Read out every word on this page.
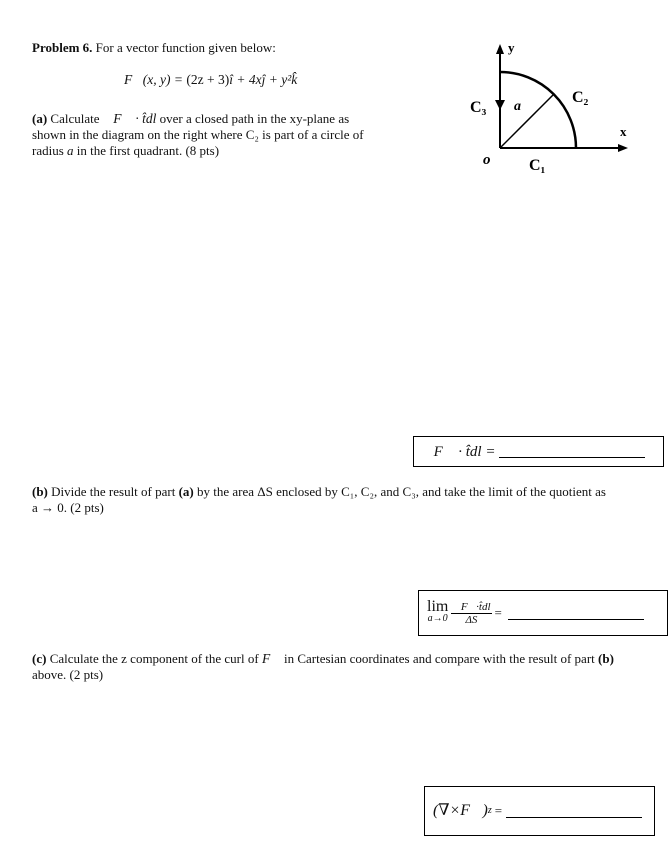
Problem 6. For a vector function given below:
F⃗(x, y) = (2z + 3)î + 4xĵ + y²k̂
(a) Calculate ∮F⃗ · t̂dl over a closed path in the xy-plane as
shown in the diagram on the right where C₂ is part of a circle of
radius a in the first quadrant. (8 pts)
y
x
o C₁
C₂
C₃ a
∮F⃗ · t̂dl =
(b) Divide the result of part (a) by the area ΔS enclosed by C₁, C₂, and C₃, and take the limit of the quotient as
a → 0. (2 pts)
lim
$a\to 0 \frac{∮F⃗\cdot t̂dl}{\Delta S}$ =
(c) Calculate the z component of the curl of F⃗ in Cartesian coordinates and compare with the result of part (b)
above. (2 pts)
(∇×F⃗) z =
